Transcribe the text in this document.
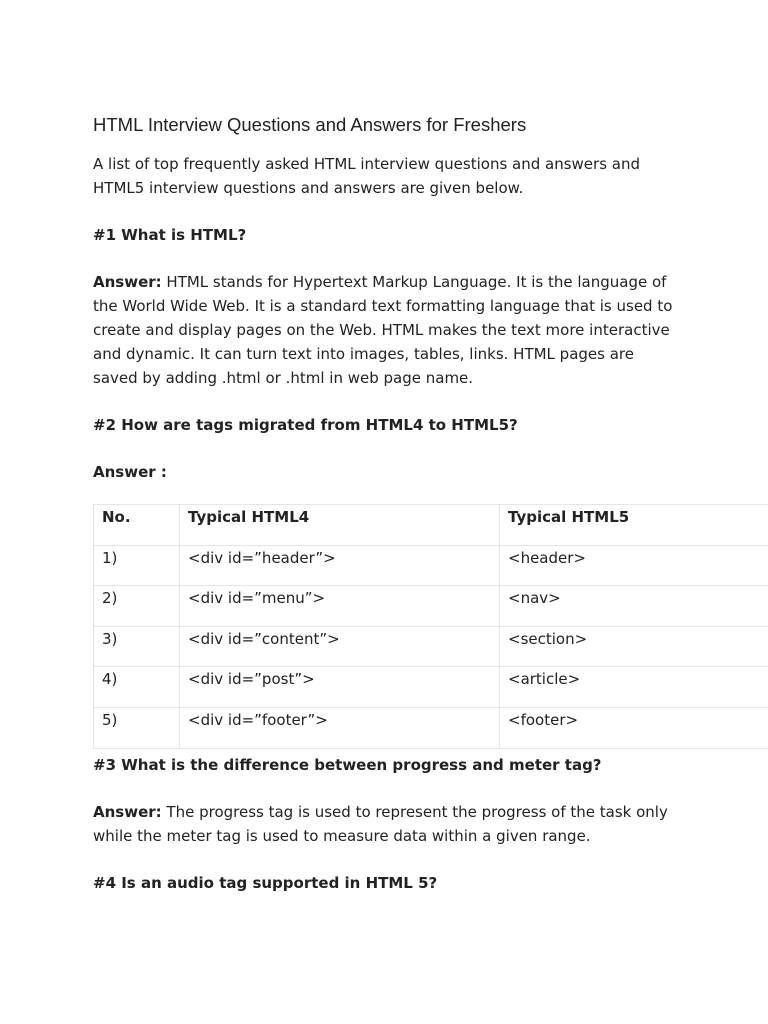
HTML Interview Questions and Answers for Freshers

A list of top frequently asked HTML interview questions and answers and HTML5 interview questions and answers are given below.

#1 What is HTML?

Answer: HTML stands for Hypertext Markup Language. It is the language of the World Wide Web. It is a standard text formatting language that is used to create and display pages on the Web. HTML makes the text more interactive and dynamic. It can turn text into images, tables, links. HTML pages are saved by adding .html or .html in web page name.

#2 How are tags migrated from HTML4 to HTML5?

Answer :

No.	Typical HTML4	Typical HTML5
1)	<div id=”header”>	<header>
2)	<div id=”menu”>	<nav>
3)	<div id=”content”>	<section>
4)	<div id=”post”>	<article>
5)	<div id=”footer”>	<footer>

#3 What is the difference between progress and meter tag?

Answer: The progress tag is used to represent the progress of the task only while the meter tag is used to measure data within a given range.

#4 Is an audio tag supported in HTML 5?
